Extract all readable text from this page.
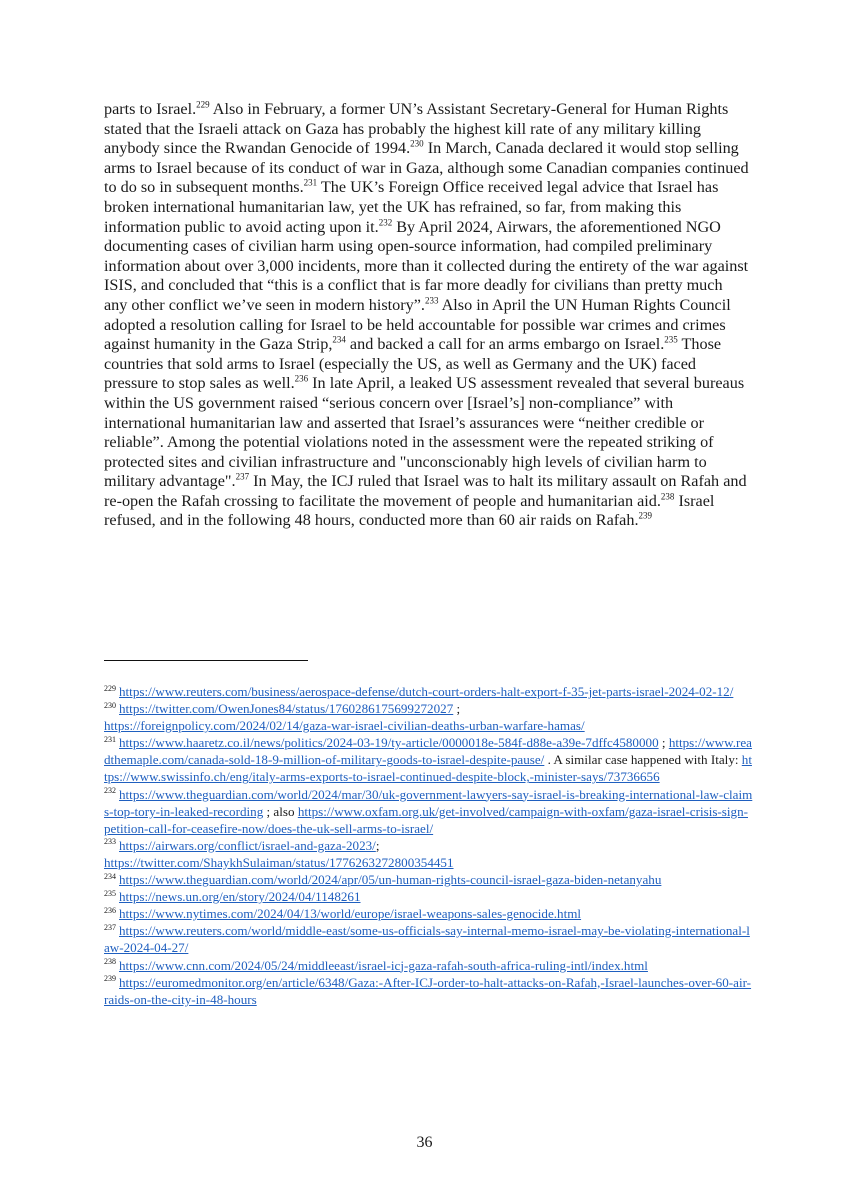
parts to Israel.$^{229}$ Also in February, a former UN’s Assistant Secretary-General for Human Rights stated that the Israeli attack on Gaza has probably the highest kill rate of any military killing anybody since the Rwandan Genocide of 1994.$^{230}$ In March, Canada declared it would stop selling arms to Israel because of its conduct of war in Gaza, although some Canadian companies continued to do so in subsequent months.$^{231}$ The UK’s Foreign Office received legal advice that Israel has broken international humanitarian law, yet the UK has refrained, so far, from making this information public to avoid acting upon it.$^{232}$ By April 2024, Airwars, the aforementioned NGO documenting cases of civilian harm using open-source information, had compiled preliminary information about over 3,000 incidents, more than it collected during the entirety of the war against ISIS, and concluded that “this is a conflict that is far more deadly for civilians than pretty much any other conflict we’ve seen in modern history”.$^{233}$ Also in April the UN Human Rights Council adopted a resolution calling for Israel to be held accountable for possible war crimes and crimes against humanity in the Gaza Strip,$^{234}$ and backed a call for an arms embargo on Israel.$^{235}$ Those countries that sold arms to Israel (especially the US, as well as Germany and the UK) faced pressure to stop sales as well.$^{236}$ In late April, a leaked US assessment revealed that several bureaus within the US government raised “serious concern over [Israel’s] non-compliance” with international humanitarian law and asserted that Israel’s assurances were “neither credible or reliable”. Among the potential violations noted in the assessment were the repeated striking of protected sites and civilian infrastructure and "unconscionably high levels of civilian harm to military advantage".$^{237}$ In May, the ICJ ruled that Israel was to halt its military assault on Rafah and re-open the Rafah crossing to facilitate the movement of people and humanitarian aid.$^{238}$ Israel refused, and in the following 48 hours, conducted more than 60 air raids on Rafah.$^{239}$

$^{229}$ https://www.reuters.com/business/aerospace-defense/dutch-court-orders-halt-export-f-35-jet-parts-israel-2024-02-12/

$^{230}$ https://twitter.com/OwenJones84/status/1760286175699272027 ;
https://foreignpolicy.com/2024/02/14/gaza-war-israel-civilian-deaths-urban-warfare-hamas/

$^{231}$ https://www.haaretz.co.il/news/politics/2024-03-19/ty-article/0000018e-584f-d88e-a39e-7dffc4580000 ; https://www.readthemaple.com/canada-sold-18-9-million-of-military-goods-to-israel-despite-pause/ . A similar case happened with Italy: https://www.swissinfo.ch/eng/italy-arms-exports-to-israel-continued-despite-block,-minister-says/73736656

$^{232}$ https://www.theguardian.com/world/2024/mar/30/uk-government-lawyers-say-israel-is-breaking-international-law-claims-top-tory-in-leaked-recording ; also https://www.oxfam.org.uk/get-involved/campaign-with-oxfam/gaza-israel-crisis-sign-petition-call-for-ceasefire-now/does-the-uk-sell-arms-to-israel/

$^{233}$ https://airwars.org/conflict/israel-and-gaza-2023/;
https://twitter.com/ShaykhSulaiman/status/1776263272800354451

$^{234}$ https://www.theguardian.com/world/2024/apr/05/un-human-rights-council-israel-gaza-biden-netanyahu

$^{235}$ https://news.un.org/en/story/2024/04/1148261

$^{236}$ https://www.nytimes.com/2024/04/13/world/europe/israel-weapons-sales-genocide.html

$^{237}$ https://www.reuters.com/world/middle-east/some-us-officials-say-internal-memo-israel-may-be-violating-international-law-2024-04-27/

$^{238}$ https://www.cnn.com/2024/05/24/middleeast/israel-icj-gaza-rafah-south-africa-ruling-intl/index.html

$^{239}$ https://euromedmonitor.org/en/article/6348/Gaza:-After-ICJ-order-to-halt-attacks-on-Rafah,-Israel-launches-over-60-air-raids-on-the-city-in-48-hours

36
